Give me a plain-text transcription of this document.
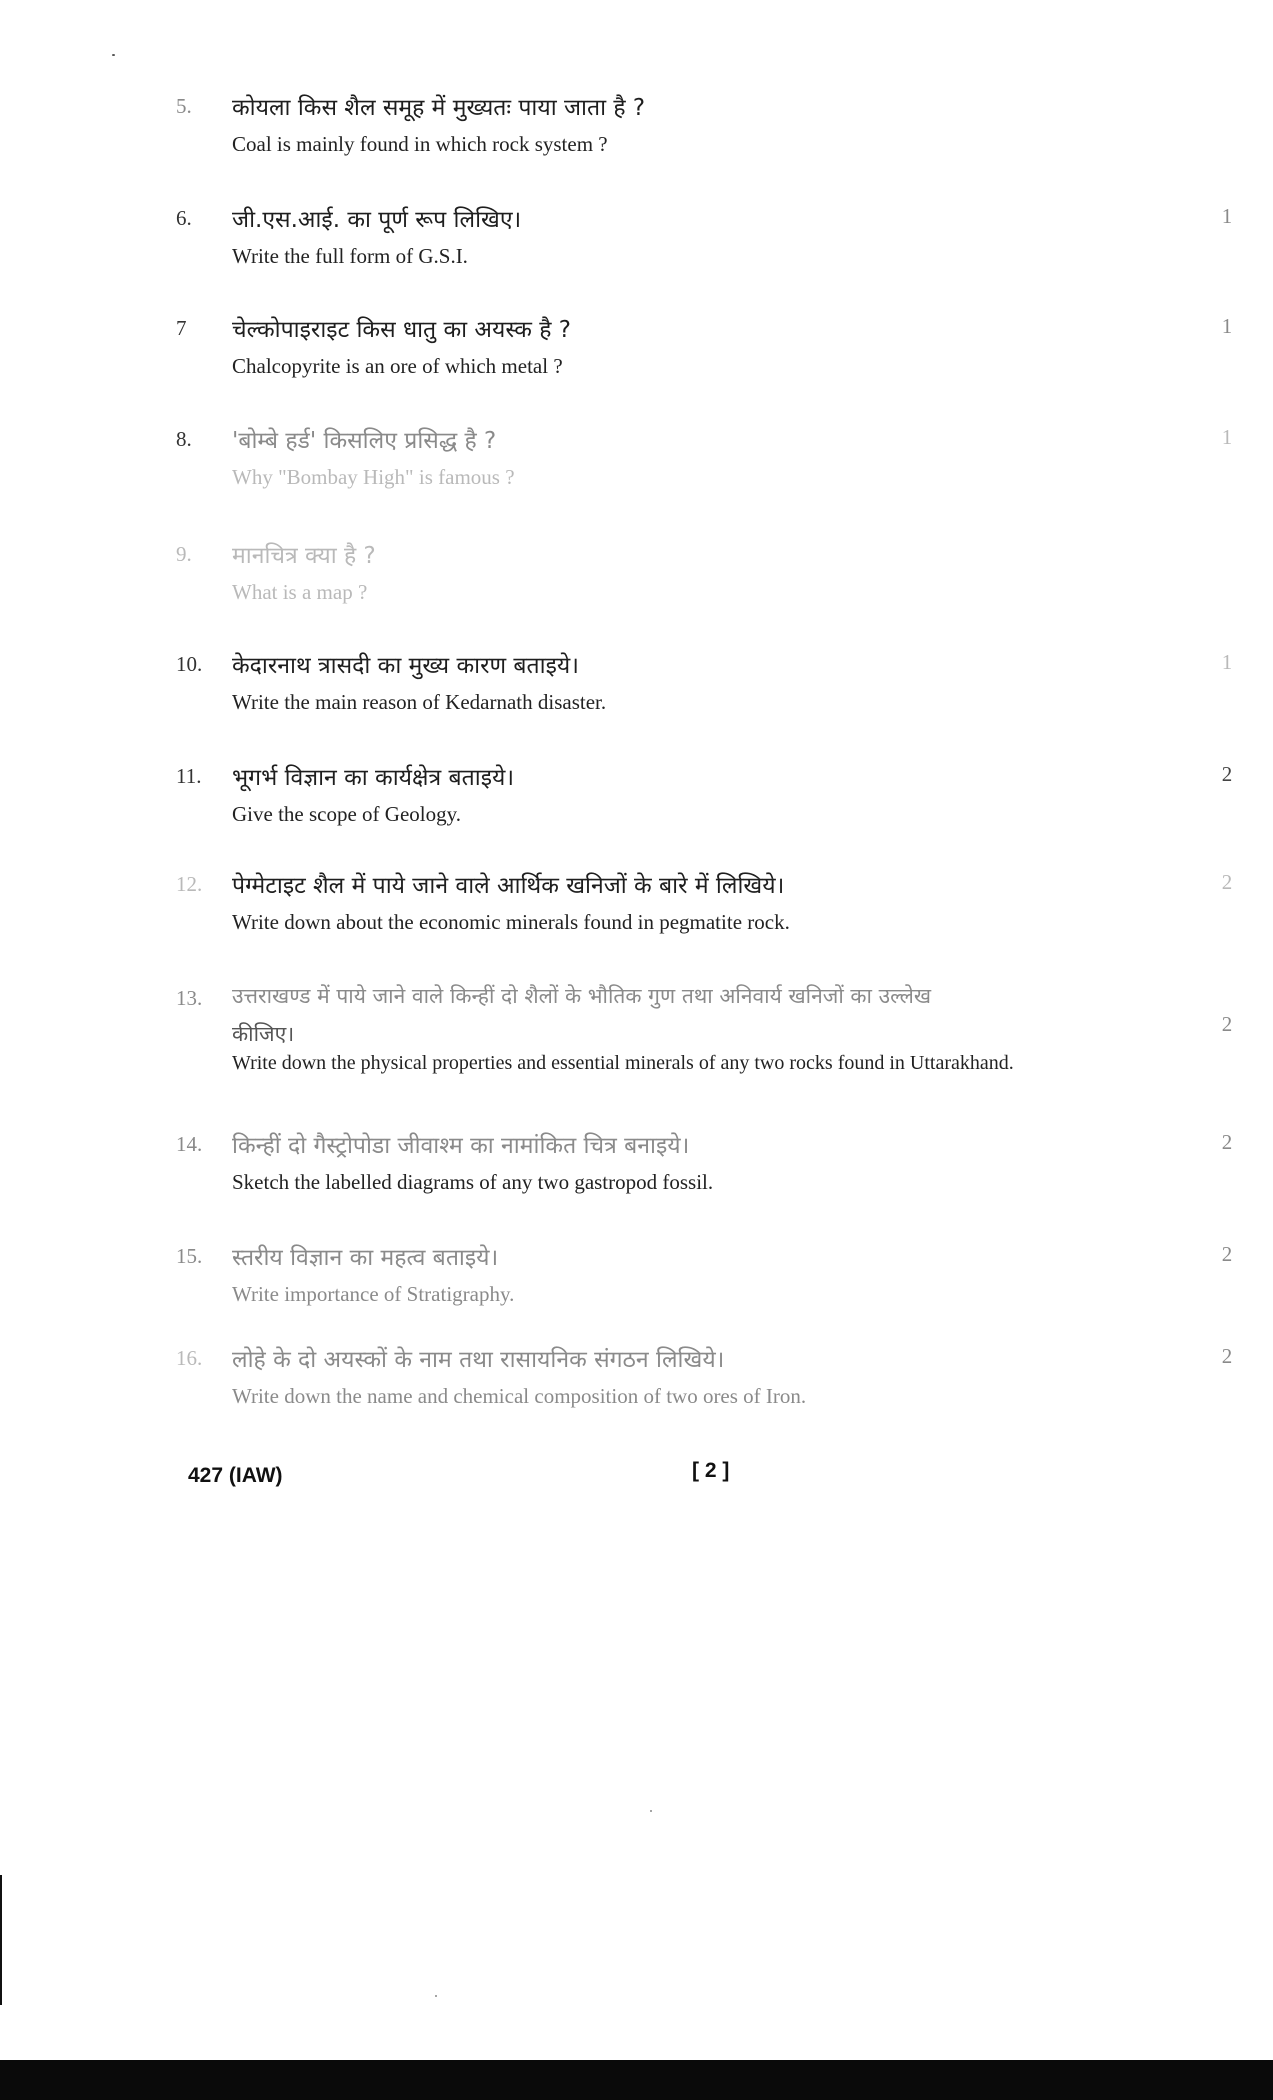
5.	कोयला किस शैल समूह में मुख्यतः पाया जाता है ?
Coal is mainly found in which rock system ?
6.	जी.एस.आई. का पूर्ण रूप लिखिए।
Write the full form of G.S.I.
1
7	चेल्कोपाइराइट किस धातु का अयस्क है ?
Chalcopyrite is an ore of which metal ?
1
8.	'बोम्बे हर्ड' किसलिए प्रसिद्ध है ?
Why "Bombay High" is famous ?
1
9.	मानचित्र क्या है ?
What is a map ?
10.	केदारनाथ त्रासदी का मुख्य कारण बताइये।
Write the main reason of Kedarnath disaster.
1
11.	भूगर्भ विज्ञान का कार्यक्षेत्र बताइये।
Give the scope of Geology.
2
12.	पेग्मेटाइट शैल में पाये जाने वाले आर्थिक खनिजों के बारे में लिखिये।
Write down about the economic minerals found in pegmatite rock.
2
13.	उत्तराखण्ड में पाये जाने वाले किन्हीं दो शैलों के भौतिक गुण तथा अनिवार्य खनिजों का उल्लेख
कीजिए।
Write down the physical properties and essential minerals of any two rocks found in Uttarakhand.
2
14.	किन्हीं दो गैस्ट्रोपोडा जीवाश्म का नामांकित चित्र बनाइये।
Sketch the labelled diagrams of any two gastropod fossil.
2
15.	स्तरीय विज्ञान का महत्व बताइये।
Write importance of Stratigraphy.
2
16.	लोहे के दो अयस्कों के नाम तथा रासायनिक संगठन लिखिये।
Write down the name and chemical composition of two ores of Iron.
2
427 (IAW)	[ 2 ]
